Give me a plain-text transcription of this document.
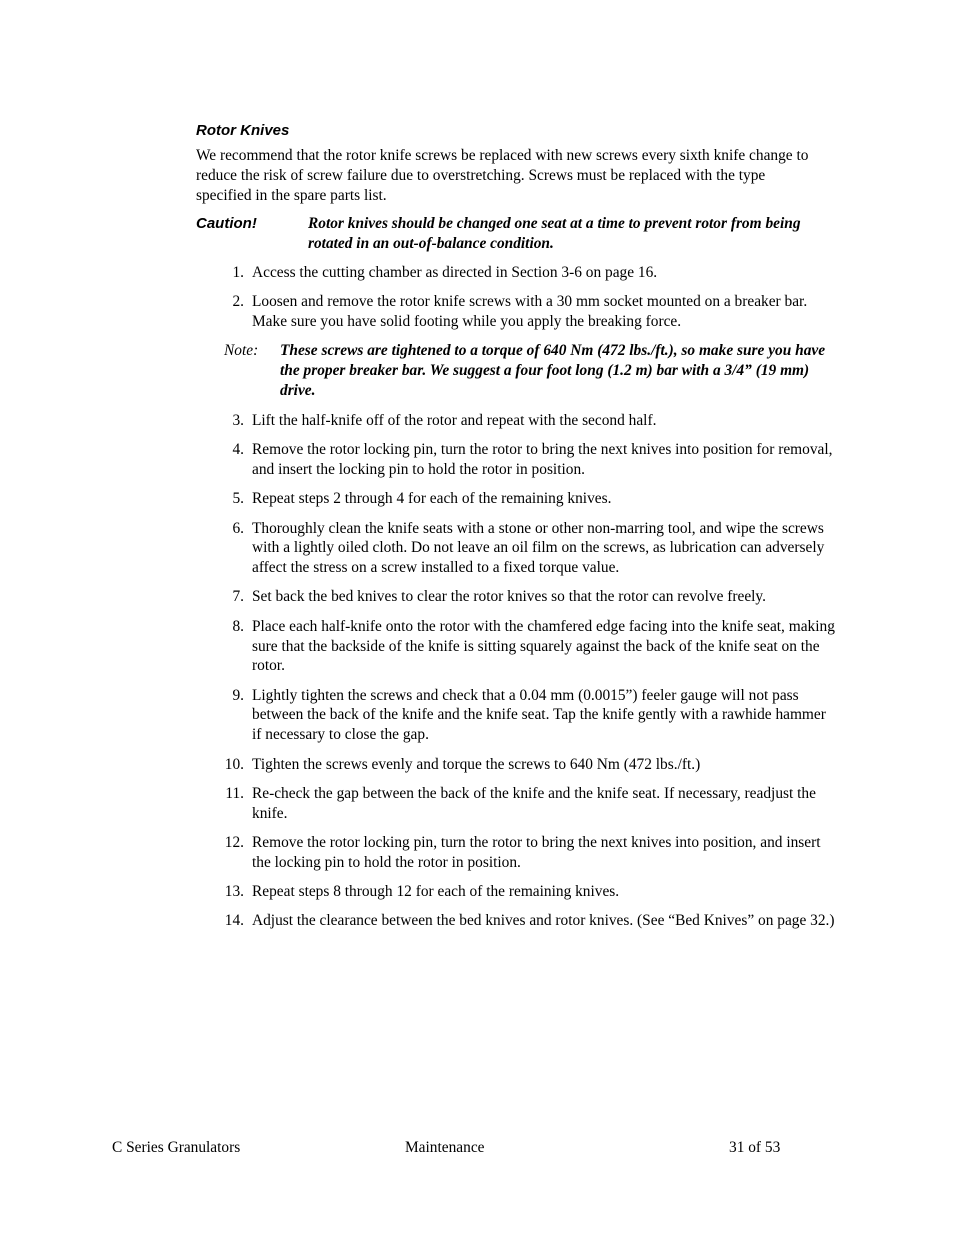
Rotor Knives
We recommend that the rotor knife screws be replaced with new screws every sixth knife change to reduce the risk of screw failure due to overstretching. Screws must be replaced with the type specified in the spare parts list.
Caution!	Rotor knives should be changed one seat at a time to prevent rotor from being rotated in an out-of-balance condition.
1. Access the cutting chamber as directed in Section 3-6 on page 16.
2. Loosen and remove the rotor knife screws with a 30 mm socket mounted on a breaker bar. Make sure you have solid footing while you apply the breaking force.
Note: These screws are tightened to a torque of 640 Nm (472 lbs./ft.), so make sure you have the proper breaker bar. We suggest a four foot long (1.2 m) bar with a 3/4” (19 mm) drive.
3. Lift the half-knife off of the rotor and repeat with the second half.
4. Remove the rotor locking pin, turn the rotor to bring the next knives into position for removal, and insert the locking pin to hold the rotor in position.
5. Repeat steps 2 through 4 for each of the remaining knives.
6. Thoroughly clean the knife seats with a stone or other non-marring tool, and wipe the screws with a lightly oiled cloth. Do not leave an oil film on the screws, as lubrication can adversely affect the stress on a screw installed to a fixed torque value.
7. Set back the bed knives to clear the rotor knives so that the rotor can revolve freely.
8. Place each half-knife onto the rotor with the chamfered edge facing into the knife seat, making sure that the backside of the knife is sitting squarely against the back of the knife seat on the rotor.
9. Lightly tighten the screws and check that a 0.04 mm (0.0015”) feeler gauge will not pass between the back of the knife and the knife seat. Tap the knife gently with a rawhide hammer if necessary to close the gap.
10. Tighten the screws evenly and torque the screws to 640 Nm (472 lbs./ft.)
11. Re-check the gap between the back of the knife and the knife seat. If necessary, readjust the knife.
12. Remove the rotor locking pin, turn the rotor to bring the next knives into position, and insert the locking pin to hold the rotor in position.
13. Repeat steps 8 through 12 for each of the remaining knives.
14. Adjust the clearance between the bed knives and rotor knives. (See “Bed Knives” on page 32.)
C Series Granulators	Maintenance	31 of 53
